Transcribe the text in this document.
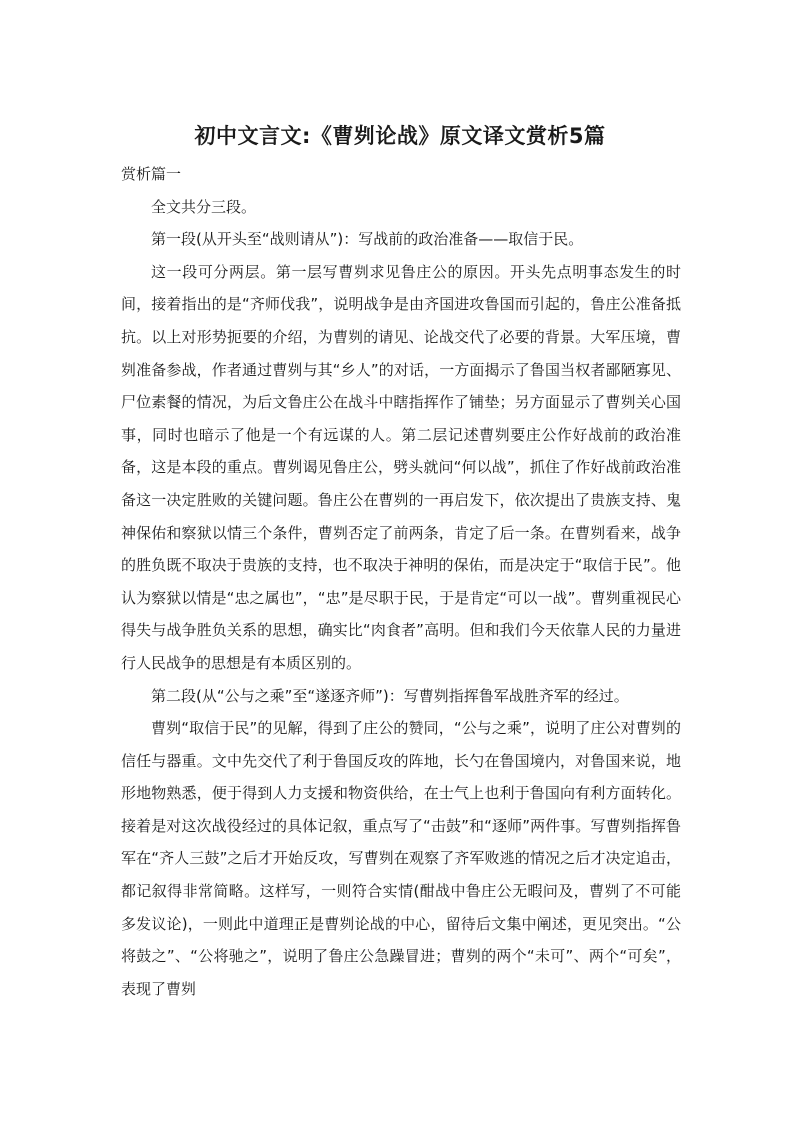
初中文言文:《曹刿论战》原文译文赏析5篇

赏析篇一

全文共分三段。

第一段(从开头至“战则请从”)：写战前的政治准备——取信于民。

这一段可分两层。第一层写曹刿求见鲁庄公的原因。开头先点明事态发生的时间，接着指出的是“齐师伐我”，说明战争是由齐国进攻鲁国而引起的，鲁庄公准备抵抗。以上对形势扼要的介绍，为曹刿的请见、论战交代了必要的背景。大军压境，曹刿准备参战，作者通过曹刿与其“乡人”的对话，一方面揭示了鲁国当权者鄙陋寡见、尸位素餐的情况，为后文鲁庄公在战斗中瞎指挥作了铺垫；另方面显示了曹刿关心国事，同时也暗示了他是一个有远谋的人。第二层记述曹刿要庄公作好战前的政治准备，这是本段的重点。曹刿谒见鲁庄公，劈头就问“何以战”，抓住了作好战前政治准备这一决定胜败的关键问题。鲁庄公在曹刿的一再启发下，依次提出了贵族支持、鬼神保佑和察狱以情三个条件，曹刿否定了前两条，肯定了后一条。在曹刿看来，战争的胜负既不取决于贵族的支持，也不取决于神明的保佑，而是决定于“取信于民”。他认为察狱以情是“忠之属也”，“忠”是尽职于民，于是肯定“可以一战”。曹刿重视民心得失与战争胜负关系的思想，确实比“肉食者”高明。但和我们今天依靠人民的力量进行人民战争的思想是有本质区别的。

第二段(从“公与之乘”至“遂逐齐师”)：写曹刿指挥鲁军战胜齐军的经过。

曹刿“取信于民”的见解，得到了庄公的赞同，“公与之乘”，说明了庄公对曹刿的信任与器重。文中先交代了利于鲁国反攻的阵地，长勺在鲁国境内，对鲁国来说，地形地物熟悉，便于得到人力支援和物资供给，在士气上也利于鲁国向有利方面转化。接着是对这次战役经过的具体记叙，重点写了“击鼓”和“逐师”两件事。写曹刿指挥鲁军在“齐人三鼓”之后才开始反攻，写曹刿在观察了齐军败逃的情况之后才决定追击，都记叙得非常简略。这样写，一则符合实情(酣战中鲁庄公无暇问及，曹刿了不可能多发议论)，一则此中道理正是曹刿论战的中心，留待后文集中阐述，更见突出。“公将鼓之”、“公将驰之”，说明了鲁庄公急躁冒进；曹刿的两个“未可”、两个“可矣”，表现了曹刿
